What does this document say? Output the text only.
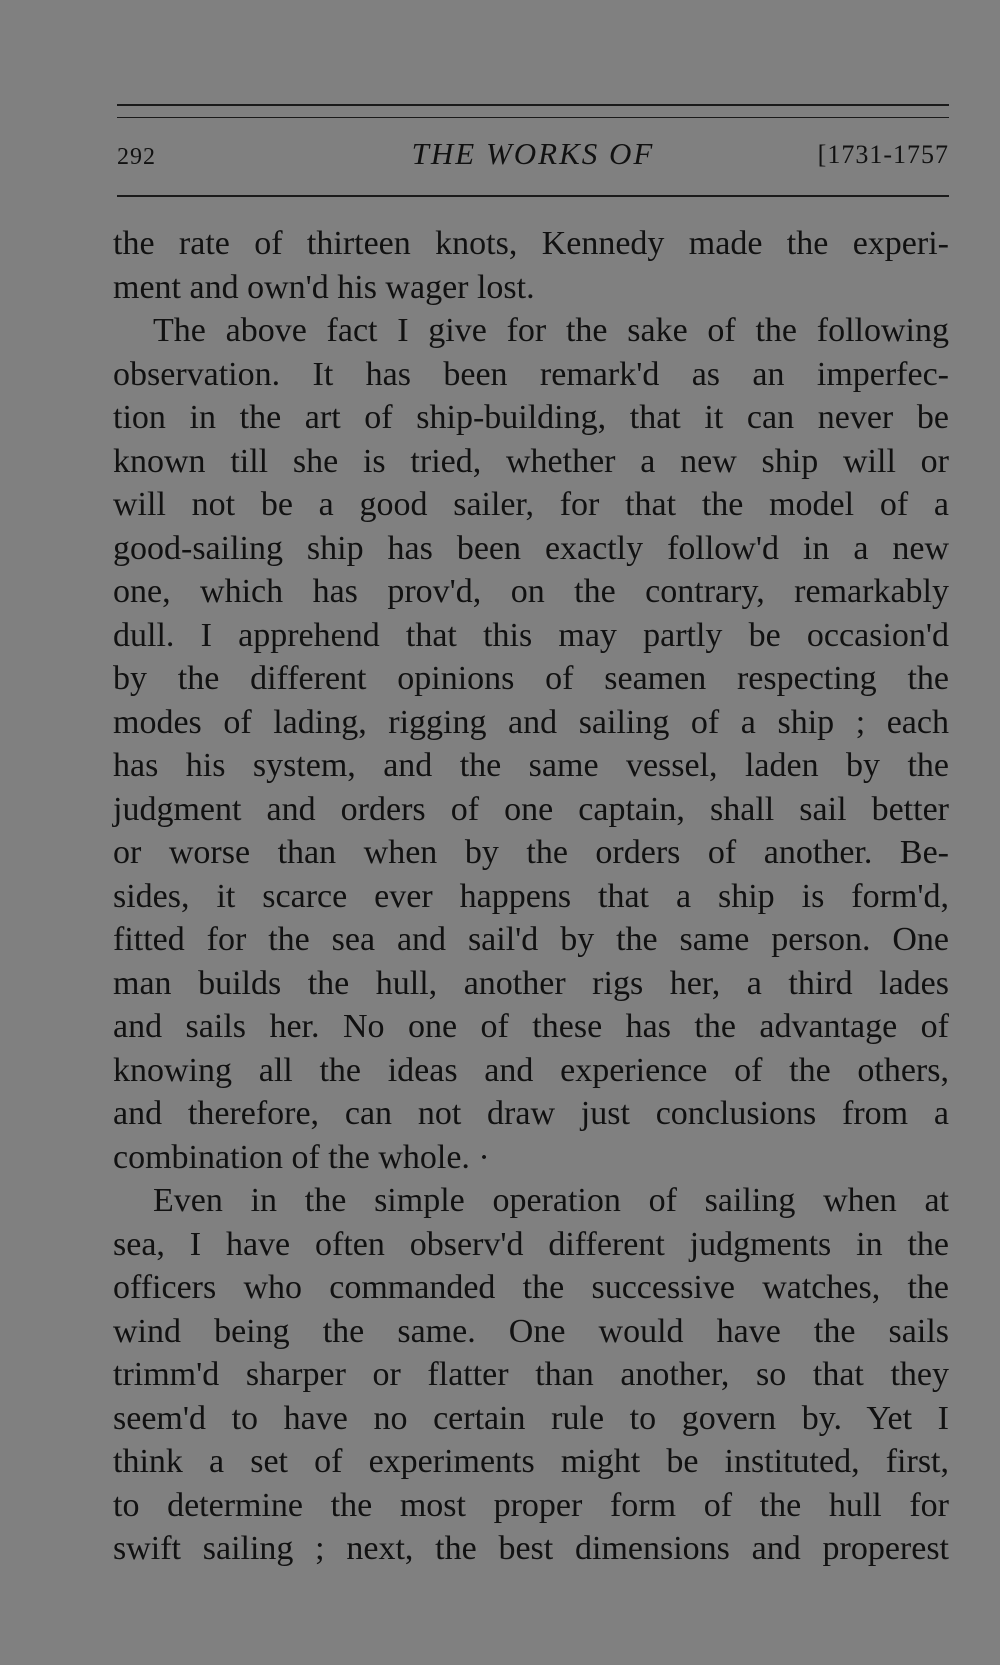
292	THE WORKS OF	[1731-1757
the rate of thirteen knots, Kennedy made the experi-
ment and own'd his wager lost.
The above fact I give for the sake of the following
observation. It has been remark'd as an imperfec-
tion in the art of ship-building, that it can never be
known till she is tried, whether a new ship will or
will not be a good sailer, for that the model of a
good-sailing ship has been exactly follow'd in a new
one, which has prov'd, on the contrary, remarkably
dull. I apprehend that this may partly be occasion'd
by the different opinions of seamen respecting the
modes of lading, rigging and sailing of a ship ; each
has his system, and the same vessel, laden by the
judgment and orders of one captain, shall sail better
or worse than when by the orders of another. Be-
sides, it scarce ever happens that a ship is form'd,
fitted for the sea and sail'd by the same person. One
man builds the hull, another rigs her, a third lades
and sails her. No one of these has the advantage of
knowing all the ideas and experience of the others,
and therefore, can not draw just conclusions from a
combination of the whole. ·
Even in the simple operation of sailing when at
sea, I have often observ'd different judgments in the
officers who commanded the successive watches, the
wind being the same. One would have the sails
trimm'd sharper or flatter than another, so that they
seem'd to have no certain rule to govern by. Yet I
think a set of experiments might be instituted, first,
to determine the most proper form of the hull for
swift sailing ; next, the best dimensions and properest
